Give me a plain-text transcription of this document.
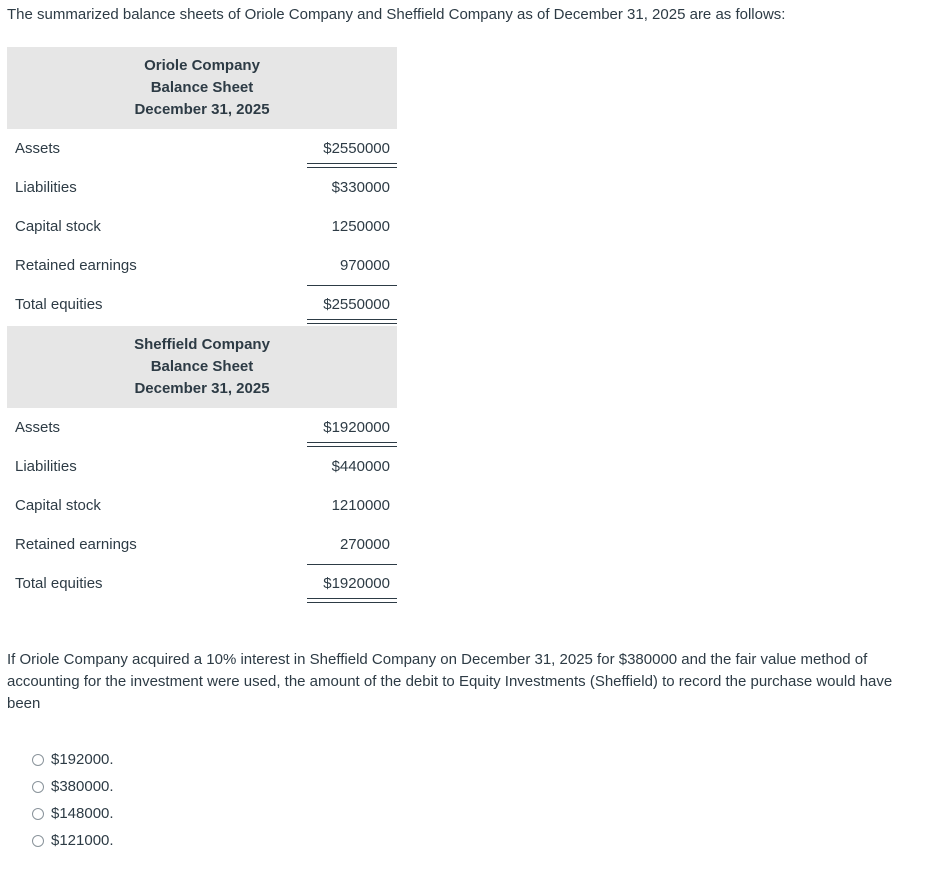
The summarized balance sheets of Oriole Company and Sheffield Company as of December 31, 2025 are as follows:

Oriole Company
Balance Sheet
December 31, 2025
Assets	$2550000
Liabilities	$330000
Capital stock	1250000
Retained earnings	970000
Total equities	$2550000
Sheffield Company
Balance Sheet
December 31, 2025
Assets	$1920000
Liabilities	$440000
Capital stock	1210000
Retained earnings	270000
Total equities	$1920000

If Oriole Company acquired a 10% interest in Sheffield Company on December 31, 2025 for $380000 and the fair value method of accounting for the investment were used, the amount of the debit to Equity Investments (Sheffield) to record the purchase would have been

$192000.
$380000.
$148000.
$121000.
